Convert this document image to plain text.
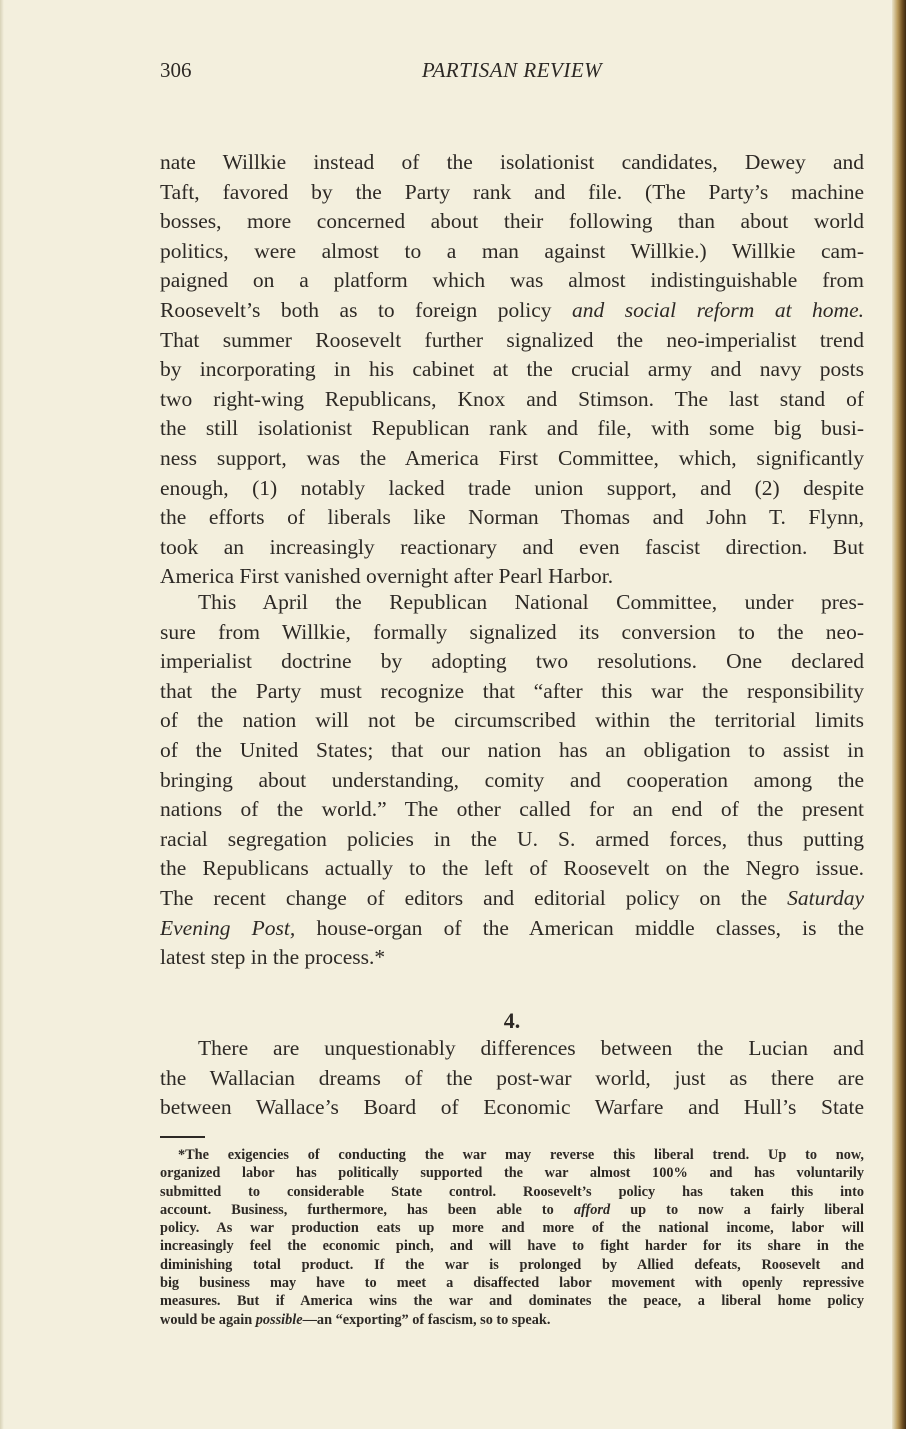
306	PARTISAN REVIEW
nate Willkie instead of the isolationist candidates, Dewey and
Taft, favored by the Party rank and file. (The Party’s machine
bosses, more concerned about their following than about world
politics, were almost to a man against Willkie.) Willkie cam-
paigned on a platform which was almost indistinguishable from
Roosevelt’s both as to foreign policy and social reform at home.
That summer Roosevelt further signalized the neo-imperialist trend
by incorporating in his cabinet at the crucial army and navy posts
two right-wing Republicans, Knox and Stimson. The last stand of
the still isolationist Republican rank and file, with some big busi-
ness support, was the America First Committee, which, significantly
enough, (1) notably lacked trade union support, and (2) despite
the efforts of liberals like Norman Thomas and John T. Flynn,
took an increasingly reactionary and even fascist direction. But
America First vanished overnight after Pearl Harbor.
This April the Republican National Committee, under pres-
sure from Willkie, formally signalized its conversion to the neo-
imperialist doctrine by adopting two resolutions. One declared
that the Party must recognize that “after this war the responsibility
of the nation will not be circumscribed within the territorial limits
of the United States; that our nation has an obligation to assist in
bringing about understanding, comity and cooperation among the
nations of the world.” The other called for an end of the present
racial segregation policies in the U. S. armed forces, thus putting
the Republicans actually to the left of Roosevelt on the Negro issue.
The recent change of editors and editorial policy on the Saturday
Evening Post, house-organ of the American middle classes, is the
latest step in the process.*
4.
There are unquestionably differences between the Lucian and
the Wallacian dreams of the post-war world, just as there are
between Wallace’s Board of Economic Warfare and Hull’s State
*The exigencies of conducting the war may reverse this liberal trend. Up to now,
organized labor has politically supported the war almost 100% and has voluntarily
submitted to considerable State control. Roosevelt’s policy has taken this into
account. Business, furthermore, has been able to afford up to now a fairly liberal
policy. As war production eats up more and more of the national income, labor will
increasingly feel the economic pinch, and will have to fight harder for its share in the
diminishing total product. If the war is prolonged by Allied defeats, Roosevelt and
big business may have to meet a disaffected labor movement with openly repressive
measures. But if America wins the war and dominates the peace, a liberal home policy
would be again possible—an “exporting” of fascism, so to speak.
